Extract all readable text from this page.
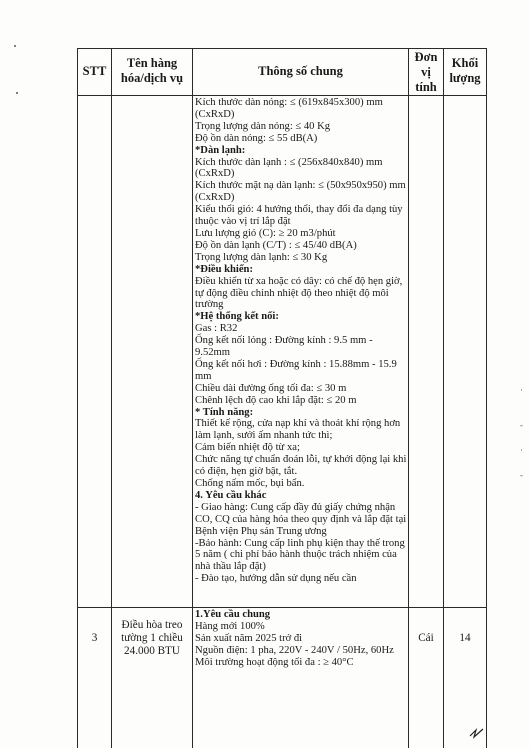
STT
Tên hàng hóa/dịch vụ	Thông số chung
Đơn vị tính
Khối lượng
Kích thước dàn nóng: ≤ (619x845x300) mm
(CxRxD)
Trọng lượng dàn nóng: ≤ 40 Kg
Độ ồn dàn nóng: ≤ 55 dB(A)
*Dàn lạnh:
Kích thước dàn lạnh : ≤ (256x840x840) mm
(CxRxD)
Kích thước mặt nạ dàn lạnh: ≤ (50x950x950) mm
(CxRxD)
Kiểu thổi gió: 4 hướng thổi, thay đổi đa dạng tùy
thuộc vào vị trí lắp đặt
Lưu lượng gió (C): ≥ 20 m3/phút
Độ ồn dàn lạnh (C/T) : ≤ 45/40 dB(A)
Trọng lượng dàn lạnh: ≤ 30 Kg
*Điều khiển:
Điều khiển từ xa hoặc có dây: có chế độ hẹn giờ,
tự động điều chỉnh nhiệt độ theo nhiệt độ môi
trường
*Hệ thống kết nối:
Gas : R32
Ống kết nối lỏng : Đường kính : 9.5 mm -
9.52mm
Ống kết nối hơi : Đường kính : 15.88mm - 15.9
mm
Chiều dài đường ống tối đa: ≤ 30 m
Chênh lệch độ cao khi lắp đặt: ≤ 20 m
* Tính năng:
Thiết kế rộng, cửa nạp khí và thoát khí rộng hơn
làm lạnh, sưởi ấm nhanh tức thì;
Cảm biến nhiệt độ từ xa;
Chức năng tự chuẩn đoán lỗi, tự khởi động lại khi
có điện, hẹn giờ bật, tắt.
Chống nấm mốc, bụi bẩn.
4. Yêu cầu khác
- Giao hàng: Cung cấp đầy đủ giấy chứng nhận
CO, CQ của hàng hóa theo quy định và lắp đặt tại
Bệnh viện Phụ sản Trung ương
-Bảo hành: Cung cấp linh phụ kiện thay thế trong
5 năm ( chi phí bảo hành thuộc trách nhiệm của
nhà thầu lắp đặt)
- Đào tạo, hướng dẫn sử dụng nếu cần
3
Điều hòa treo tường 1 chiều 24.000 BTU
1.Yêu cầu chung
Hàng mới 100%
Sản xuất năm 2025 trở đi
Nguồn điện: 1 pha, 220V - 240V / 50Hz, 60Hz
Môi trường hoạt động tối đa : ≥ 40°C
Cái	14
·
-
·
-
